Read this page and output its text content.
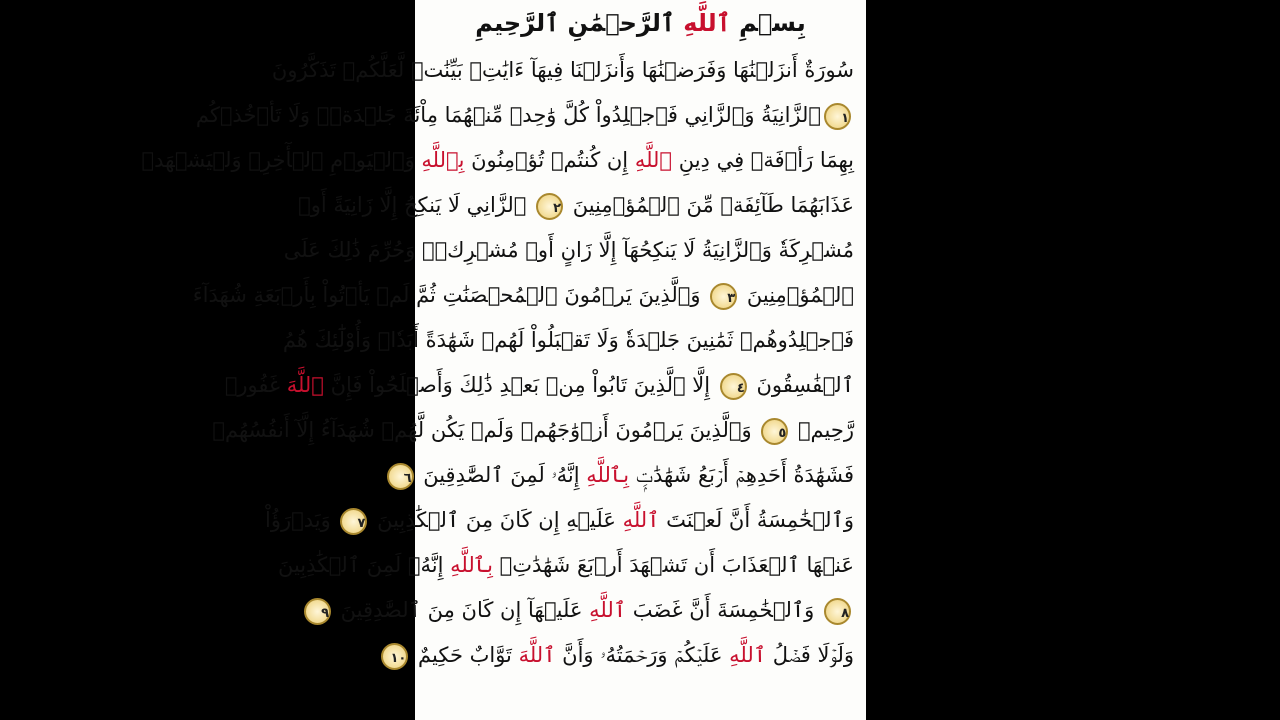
بِسۡمِ ٱللَّهِ ٱلرَّحۡمَٰنِ ٱلرَّحِيمِ
سُورَةٌ أَنزَلۡنَٰهَا وَفَرَضۡنَٰهَا وَأَنزَلۡنَا فِيهَآ ءَايَٰتِۭ بَيِّنَٰتٖ لَّعَلَّكُمۡ تَذَكَّرُونَ
١ٱلزَّانِيَةُ وَٱلزَّانِي فَٱجۡلِدُواْ كُلَّ وَٰحِدٖ مِّنۡهُمَا مِاْئَةَ جَلۡدَةٖۖ وَلَا تَأۡخُذۡكُم
بِهِمَا رَأۡفَةٞ فِي دِينِ ٱللَّهِ إِن كُنتُمۡ تُؤۡمِنُونَ بِٱللَّهِ وَٱلۡيَوۡمِ ٱلۡأٓخِرِۖ وَلۡيَشۡهَدۡ
عَذَابَهُمَا طَآئِفَةٞ مِّنَ ٱلۡمُؤۡمِنِينَ ٢ ٱلزَّانِي لَا يَنكِحُ إِلَّا زَانِيَةً أَوۡ
مُشۡرِكَةٗ وَٱلزَّانِيَةُ لَا يَنكِحُهَآ إِلَّا زَانٍ أَوۡ مُشۡرِكٞۚ وَحُرِّمَ ذَٰلِكَ عَلَى
ٱلۡمُؤۡمِنِينَ ٣ وَٱلَّذِينَ يَرۡمُونَ ٱلۡمُحۡصَنَٰتِ ثُمَّ لَمۡ يَأۡتُواْ بِأَرۡبَعَةِ شُهَدَآءَ
فَٱجۡلِدُوهُمۡ ثَمَٰنِينَ جَلۡدَةٗ وَلَا تَقۡبَلُواْ لَهُمۡ شَهَٰدَةً أَبَدٗاۚ وَأُوْلَٰٓئِكَ هُمُ
ٱلۡفَٰسِقُونَ ٤ إِلَّا ٱلَّذِينَ تَابُواْ مِنۢ بَعۡدِ ذَٰلِكَ وَأَصۡلَحُواْ فَإِنَّ ٱللَّهَ غَفُورٞ
رَّحِيمٞ ٥ وَٱلَّذِينَ يَرۡمُونَ أَزۡوَٰجَهُمۡ وَلَمۡ يَكُن لَّهُمۡ شُهَدَآءُ إِلَّآ أَنفُسُهُمۡ
فَشَهَٰدَةُ أَحَدِهِمۡ أَرۡبَعُ شَهَٰدَٰتِۭ بِٱللَّهِ إِنَّهُۥ لَمِنَ ٱلصَّٰدِقِينَ ٦
وَٱلۡخَٰمِسَةُ أَنَّ لَعۡنَتَ ٱللَّهِ عَلَيۡهِ إِن كَانَ مِنَ ٱلۡكَٰذِبِينَ ٧ وَيَدۡرَؤُاْ
عَنۡهَا ٱلۡعَذَابَ أَن تَشۡهَدَ أَرۡبَعَ شَهَٰدَٰتِۭ بِٱللَّهِ إِنَّهُۥ لَمِنَ ٱلۡكَٰذِبِينَ
٨ وَٱلۡخَٰمِسَةَ أَنَّ غَضَبَ ٱللَّهِ عَلَيۡهَآ إِن كَانَ مِنَ ٱلصَّٰدِقِينَ ٩
وَلَوۡلَا فَضۡلُ ٱللَّهِ عَلَيۡكُمۡ وَرَحۡمَتُهُۥ وَأَنَّ ٱللَّهَ تَوَّابٌ حَكِيمٌ ١٠
